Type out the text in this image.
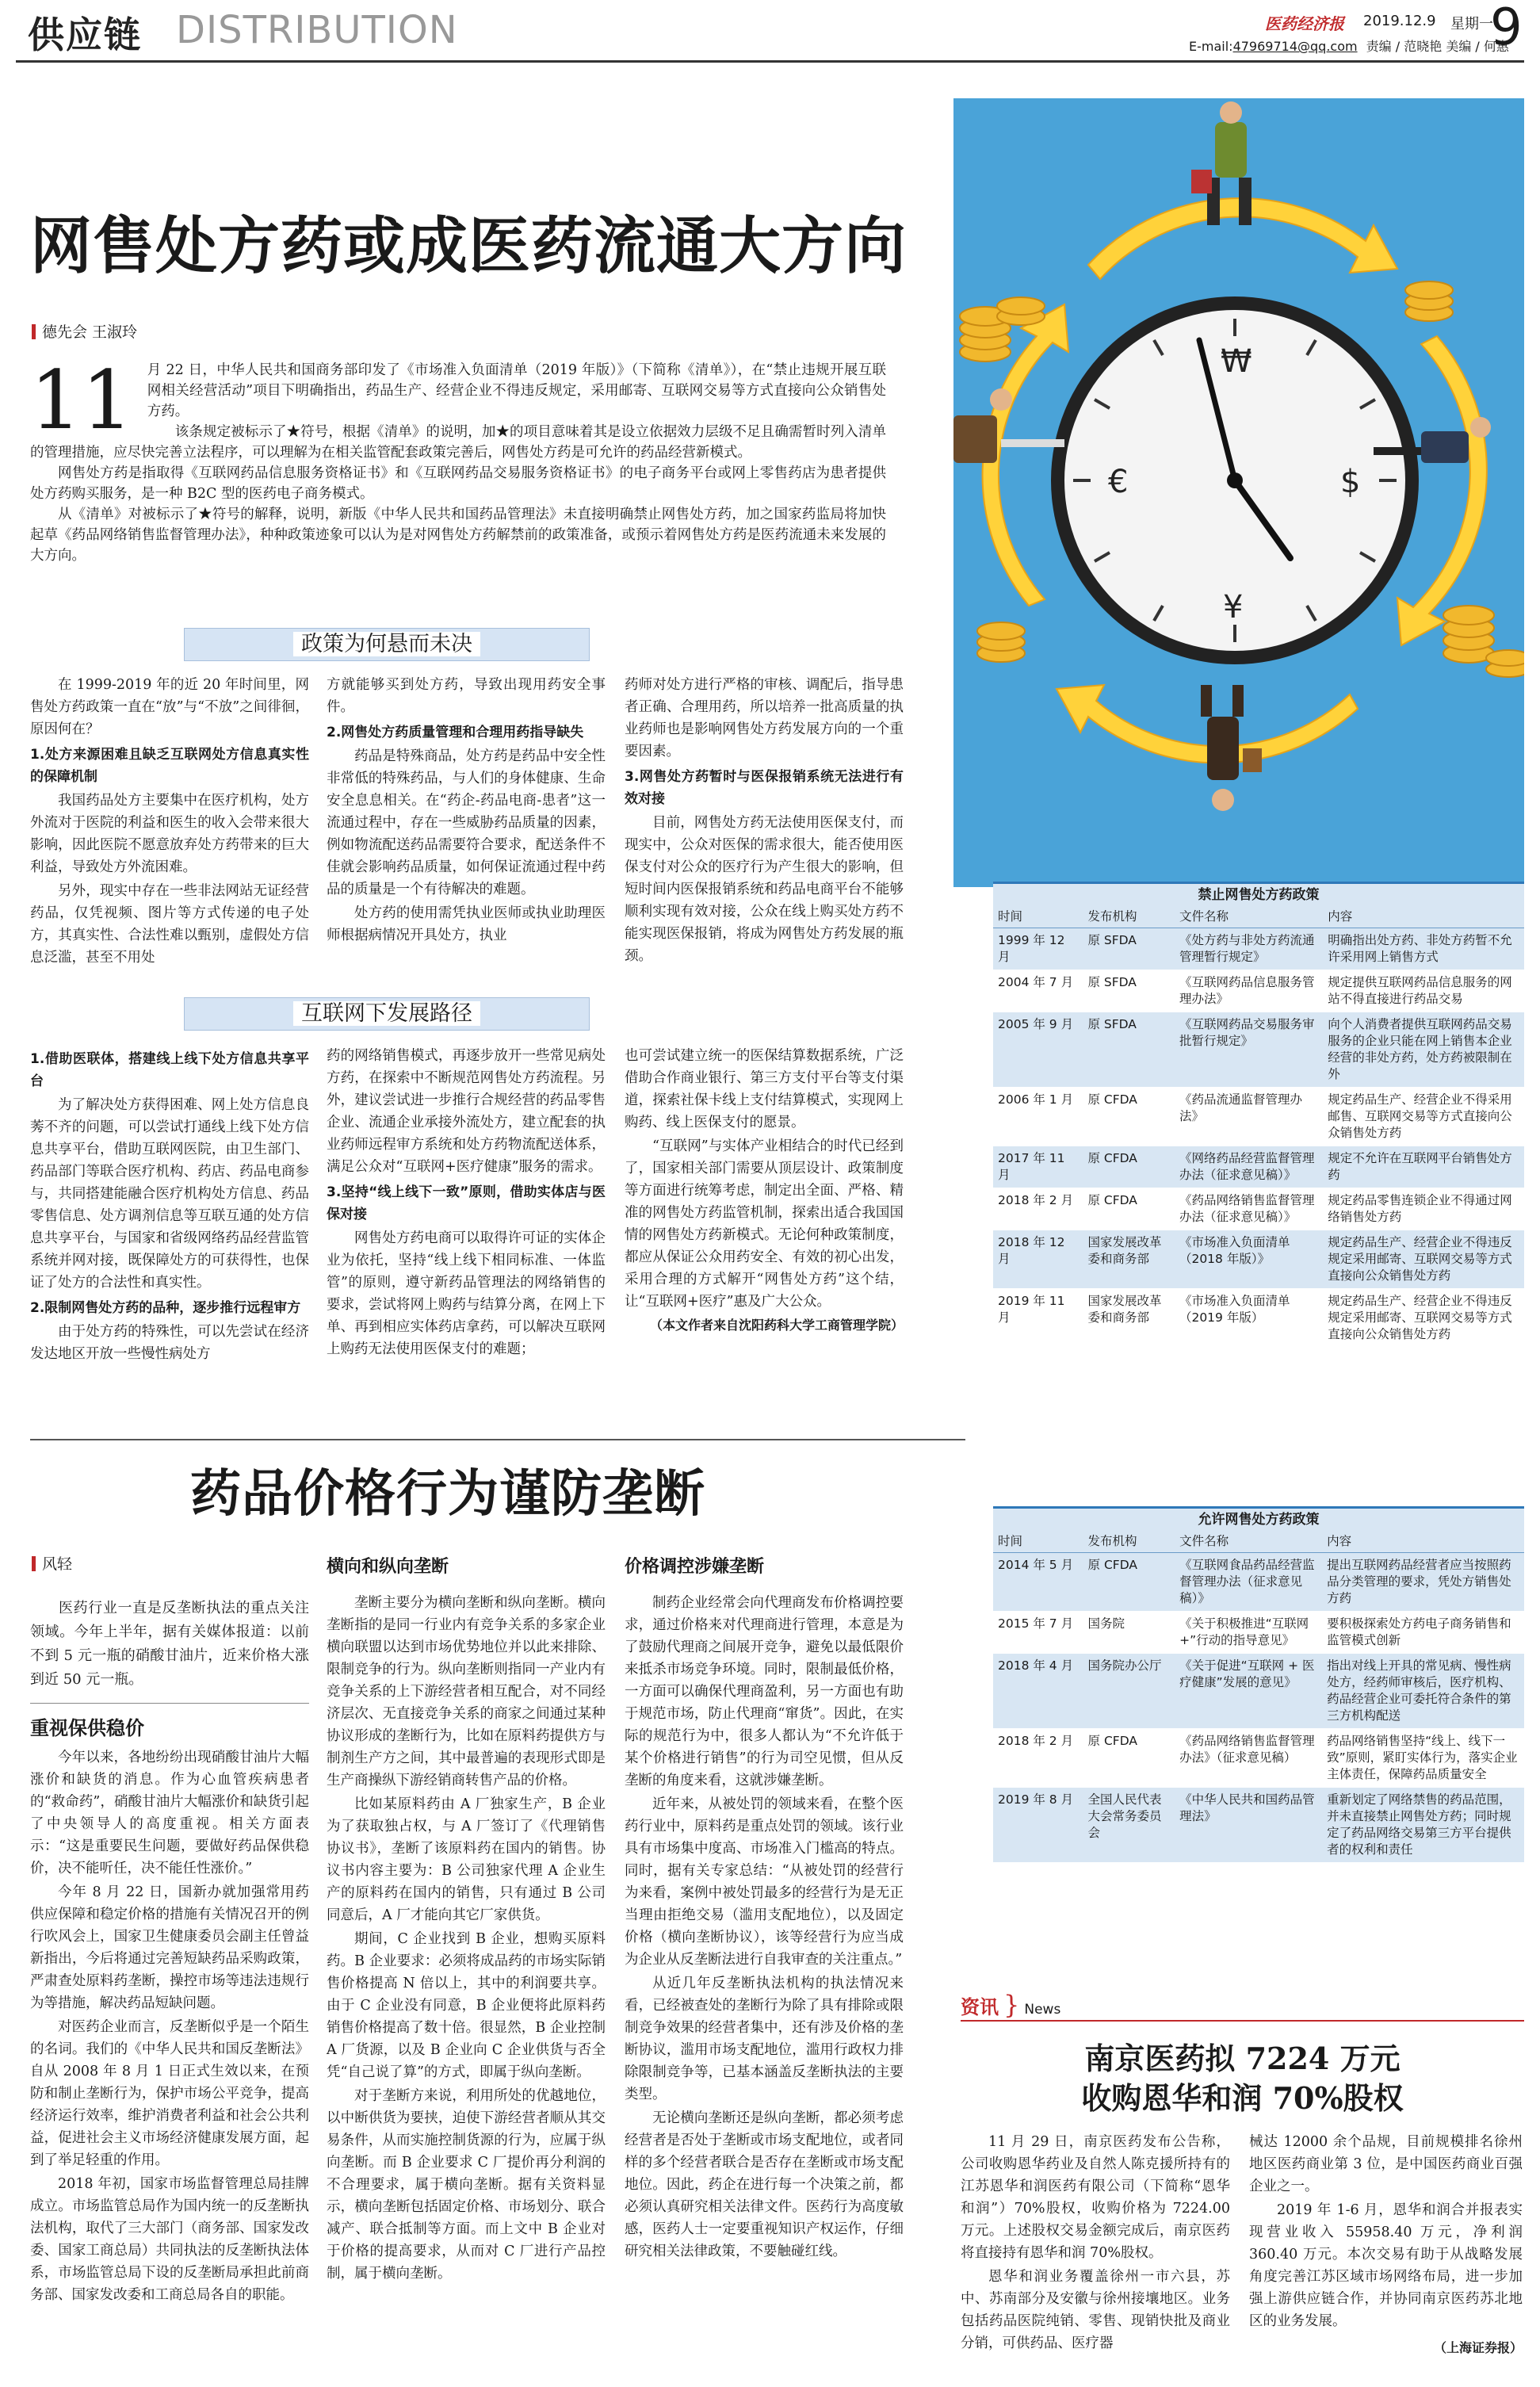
供应链 DISTRIBUTION	医药经济报 2019.12.9 星期一
9
E-mail:47969714@qq.com 责编 / 范晓艳 美编 / 何惠
₩
$
¥
€
网售处方药或成医药流通大方向
德先会 王淑玲
11	月 22 日，中华人民共和国商务部印发了《市场准入负面清单（2019 年版）》（下简称《清单》），在“禁止违规开展互联网相关经营活动”项目下明确指出，药品生产、经营企业不得违反规定，采用邮寄、互联网交易等方式直接向公众销售处方药。

该条规定被标示了★符号，根据《清单》的说明，加★的项目意味着其是设立依据效力层级不足且确需暂时列入清单的管理措施，应尽快完善立法程序，可以理解为在相关监管配套政策完善后，网售处方药是可允许的药品经营新模式。

网售处方药是指取得《互联网药品信息服务资格证书》和《互联网药品交易服务资格证书》的电子商务平台或网上零售药店为患者提供处方药购买服务，是一种 B2C 型的医药电子商务模式。

从《清单》对被标示了★符号的解释，说明，新版《中华人民共和国药品管理法》未直接明确禁止网售处方药，加之国家药监局将加快起草《药品网络销售监督管理办法》，种种政策迹象可以认为是对网售处方药解禁前的政策准备，或预示着网售处方药是医药流通未来发展的大方向。

政策为何悬而未决

在 1999-2019 年的近 20 年时间里，网售处方药政策一直在“放”与“不放”之间徘徊，原因何在？

1.处方来源困难且缺乏互联网处方信息真实性的保障机制

我国药品处方主要集中在医疗机构，处方外流对于医院的利益和医生的收入会带来很大影响，因此医院不愿意放弃处方药带来的巨大利益，导致处方外流困难。

另外，现实中存在一些非法网站无证经营药品，仅凭视频、图片等方式传递的电子处方，其真实性、合法性难以甄别，虚假处方信息泛滥，甚至不用处

方就能够买到处方药，导致出现用药安全事件。

2.网售处方药质量管理和合理用药指导缺失

药品是特殊商品，处方药是药品中安全性非常低的特殊药品，与人们的身体健康、生命安全息息相关。在“药企-药品电商-患者”这一流通过程中，存在一些威胁药品质量的因素，例如物流配送药品需要符合要求，配送条件不佳就会影响药品质量，如何保证流通过程中药品的质量是一个有待解决的难题。

处方药的使用需凭执业医师或执业助理医师根据病情况开具处方，执业

药师对处方进行严格的审核、调配后，指导患者正确、合理用药，所以培养一批高质量的执业药师也是影响网售处方药发展方向的一个重要因素。

3.网售处方药暂时与医保报销系统无法进行有效对接

目前，网售处方药无法使用医保支付，而现实中，公众对医保的需求很大，能否使用医保支付对公众的医疗行为产生很大的影响，但短时间内医保报销系统和药品电商平台不能够顺利实现有效对接，公众在线上购买处方药不能实现医保报销，将成为网售处方药发展的瓶颈。

互联网下发展路径
1.借助医联体，搭建线上线下处方信息共享平台

为了解决处方获得困难、网上处方信息良莠不齐的问题，可以尝试打通线上线下处方信息共享平台，借助互联网医院，由卫生部门、药品部门等联合医疗机构、药店、药品电商参与，共同搭建能融合医疗机构处方信息、药品零售信息、处方调剂信息等互联互通的处方信息共享平台，与国家和省级网络药品经营监管系统并网对接，既保障处方的可获得性，也保证了处方的合法性和真实性。

2.限制网售处方药的品种，逐步推行远程审方

由于处方药的特殊性，可以先尝试在经济发达地区开放一些慢性病处方

药的网络销售模式，再逐步放开一些常见病处方药，在探索中不断规范网售处方药流程。另外，建议尝试进一步推行合规经营的药品零售企业、流通企业承接外流处方，建立配套的执业药师远程审方系统和处方药物流配送体系，满足公众对“互联网+医疗健康”服务的需求。

3.坚持“线上线下一致”原则，借助实体店与医保对接

网售处方药电商可以取得许可证的实体企业为依托，坚持“线上线下相同标准、一体监管”的原则，遵守新药品管理法的网络销售的要求，尝试将网上购药与结算分离，在网上下单、再到相应实体药店拿药，可以解决互联网上购药无法使用医保支付的难题；

也可尝试建立统一的医保结算数据系统，广泛借助合作商业银行、第三方支付平台等支付渠道，探索社保卡线上支付结算模式，实现网上购药、线上医保支付的愿景。

“互联网”与实体产业相结合的时代已经到了，国家相关部门需要从顶层设计、政策制度等方面进行统筹考虑，制定出全面、严格、精准的网售处方药监管机制，探索出适合我国国情的网售处方药新模式。无论何种政策制度，都应从保证公众用药安全、有效的初心出发，采用合理的方式解开“网售处方药”这个结，让“互联网+医疗”惠及广大公众。

（本文作者来自沈阳药科大学工商管理学院）

禁止网售处方药政策
时间	发布机构	文件名称	内容
1999 年 12 月	原 SFDA	《处方药与非处方药流通管理暂行规定》	明确指出处方药、非处方药暂不允许采用网上销售方式
2004 年 7 月	原 SFDA	《互联网药品信息服务管理办法》	规定提供互联网药品信息服务的网站不得直接进行药品交易
2005 年 9 月	原 SFDA	《互联网药品交易服务审批暂行规定》	向个人消费者提供互联网药品交易服务的企业只能在网上销售本企业经营的非处方药，处方药被限制在外
2006 年 1 月	原 CFDA	《药品流通监督管理办法》	规定药品生产、经营企业不得采用邮售、互联网交易等方式直接向公众销售处方药
2017 年 11 月	原 CFDA	《网络药品经营监督管理办法（征求意见稿）》	规定不允许在互联网平台销售处方药
2018 年 2 月	原 CFDA	《药品网络销售监督管理办法（征求意见稿）》	规定药品零售连锁企业不得通过网络销售处方药
2018 年 12 月	国家发展改革委和商务部	《市场准入负面清单（2018 年版）》	规定药品生产、经营企业不得违反规定采用邮寄、互联网交易等方式直接向公众销售处方药
2019 年 11 月	国家发展改革委和商务部	《市场准入负面清单（2019 年版）	规定药品生产、经营企业不得违反规定采用邮寄、互联网交易等方式直接向公众销售处方药
允许网售处方药政策
时间	发布机构	文件名称	内容
2014 年 5 月	原 CFDA	《互联网食品药品经营监督管理办法（征求意见稿）》	提出互联网药品经营者应当按照药品分类管理的要求，凭处方销售处方药
2015 年 7 月	国务院	《关于积极推进“互联网+”行动的指导意见》	要积极探索处方药电子商务销售和监管模式创新
2018 年 4 月	国务院办公厅	《关于促进“互联网 + 医疗健康”发展的意见》	指出对线上开具的常见病、慢性病处方，经药师审核后，医疗机构、药品经营企业可委托符合条件的第三方机构配送
2018 年 2 月	原 CFDA	《药品网络销售监督管理办法》（征求意见稿）	药品网络销售坚持“线上、线下一致”原则，紧盯实体行为，落实企业主体责任，保障药品质量安全
2019 年 8 月	全国人民代表大会常务委员会	《中华人民共和国药品管理法》	重新划定了网络禁售的药品范围，并未直接禁止网售处方药；同时规定了药品网络交易第三方平台提供者的权利和责任
药品价格行为谨防垄断
风轻
医药行业一直是反垄断执法的重点关注领域。今年上半年，据有关媒体报道：以前不到 5 元一瓶的硝酸甘油片，近来价格大涨到近 50 元一瓶。
重视保供稳价

今年以来，各地纷纷出现硝酸甘油片大幅涨价和缺货的消息。作为心血管疾病患者的“救命药”，硝酸甘油片大幅涨价和缺货引起了中央领导人的高度重视。相关方面表示：“这是重要民生问题，要做好药品保供稳价，决不能听任，决不能任性涨价。”

今年 8 月 22 日，国新办就加强常用药供应保障和稳定价格的措施有关情况召开的例行吹风会上，国家卫生健康委员会副主任曾益新指出，今后将通过完善短缺药品采购政策，严肃查处原料药垄断，操控市场等违法违规行为等措施，解决药品短缺问题。

对医药企业而言，反垄断似乎是一个陌生的名词。我们的《中华人民共和国反垄断法》自从 2008 年 8 月 1 日正式生效以来，在预防和制止垄断行为，保护市场公平竞争，提高经济运行效率，维护消费者利益和社会公共利益，促进社会主义市场经济健康发展方面，起到了举足轻重的作用。

2018 年初，国家市场监督管理总局挂牌成立。市场监管总局作为国内统一的反垄断执法机构，取代了三大部门（商务部、国家发改委、国家工商总局）共同执法的反垄断执法体系，市场监管总局下设的反垄断局承担此前商务部、国家发改委和工商总局各自的职能。

横向和纵向垄断

垄断主要分为横向垄断和纵向垄断。横向垄断指的是同一行业内有竞争关系的多家企业横向联盟以达到市场优势地位并以此来排除、限制竞争的行为。纵向垄断则指同一产业内有竞争关系的上下游经营者相互配合，对不同经济层次、无直接竞争关系的商家之间通过某种协议形成的垄断行为，比如在原料药提供方与制剂生产方之间，其中最普遍的表现形式即是生产商操纵下游经销商转售产品的价格。

比如某原料药由 A 厂独家生产，B 企业为了获取独占权，与 A 厂签订了《代理销售协议书》，垄断了该原料药在国内的销售。协议书内容主要为：B 公司独家代理 A 企业生产的原料药在国内的销售，只有通过 B 公司同意后，A 厂才能向其它厂家供货。

期间，C 企业找到 B 企业，想购买原料药。B 企业要求：必须将成品药的市场实际销售价格提高 N 倍以上，其中的利润要共享。由于 C 企业没有同意，B 企业便将此原料药销售价格提高了数十倍。很显然，B 企业控制 A 厂货源，以及 B 企业向 C 企业供货与否全凭“自己说了算”的方式，即属于纵向垄断。

对于垄断方来说，利用所处的优越地位，以中断供货为要挟，迫使下游经营者顺从其交易条件，从而实施控制货源的行为，应属于纵向垄断。而 B 企业要求 C 厂提价再分利润的不合理要求，属于横向垄断。据有关资料显示，横向垄断包括固定价格、市场划分、联合减产、联合抵制等方面。而上文中 B 企业对于价格的提高要求，从而对 C 厂进行产品控制，属于横向垄断。

价格调控涉嫌垄断

制药企业经常会向代理商发布价格调控要求，通过价格来对代理商进行管理，本意是为了鼓励代理商之间展开竞争，避免以最低限价来抵杀市场竞争环境。同时，限制最低价格，一方面可以确保代理商盈利，另一方面也有助于规范市场，防止代理商“窜货”。因此，在实际的规范行为中，很多人都认为“不允许低于某个价格进行销售”的行为司空见惯，但从反垄断的角度来看，这就涉嫌垄断。

近年来，从被处罚的领域来看，在整个医药行业中，原料药是重点处罚的领域。该行业具有市场集中度高、市场准入门槛高的特点。同时，据有关专家总结：“从被处罚的经营行为来看，案例中被处罚最多的经营行为是无正当理由拒绝交易（滥用支配地位），以及固定价格（横向垄断协议），该等经营行为应当成为企业从反垄断法进行自我审查的关注重点。”

从近几年反垄断执法机构的执法情况来看，已经被查处的垄断行为除了具有排除或限制竞争效果的经营者集中，还有涉及价格的垄断协议，滥用市场支配地位，滥用行政权力排除限制竞争等，已基本涵盖反垄断执法的主要类型。

无论横向垄断还是纵向垄断，都必须考虑经营者是否处于垄断或市场支配地位，或者同样的多个经营者联合是否存在垄断或市场支配地位。因此，药企在进行每一个决策之前，都必须认真研究相关法律文件。医药行为高度敏感，医药人士一定要重视知识产权运作，仔细研究相关法律政策，不要触碰红线。

资讯 } News
南京医药拟 7224 万元
收购恩华和润 70%股权

11 月 29 日，南京医药发布公告称，公司收购恩华药业及自然人陈克援所持有的江苏恩华和润医药有限公司（下简称“恩华和润”）70%股权，收购价格为 7224.00 万元。上述股权交易金额完成后，南京医药将直接持有恩华和润 70%股权。

恩华和润业务覆盖徐州一市六县，苏中、苏南部分及安徽与徐州接壤地区。业务包括药品医院纯销、零售、现销快批及商业分销，可供药品、医疗器

械达 12000 余个品规，目前规模排名徐州地区医药商业第 3 位，是中国医药商业百强企业之一。

2019 年 1-6 月，恩华和润合并报表实现营业收入 55958.40 万元，净利润 360.40 万元。本次交易有助于从战略发展角度完善江苏区域市场网络布局，进一步加强上游供应链合作，并协同南京医药苏北地区的业务发展。

（上海证券报）
